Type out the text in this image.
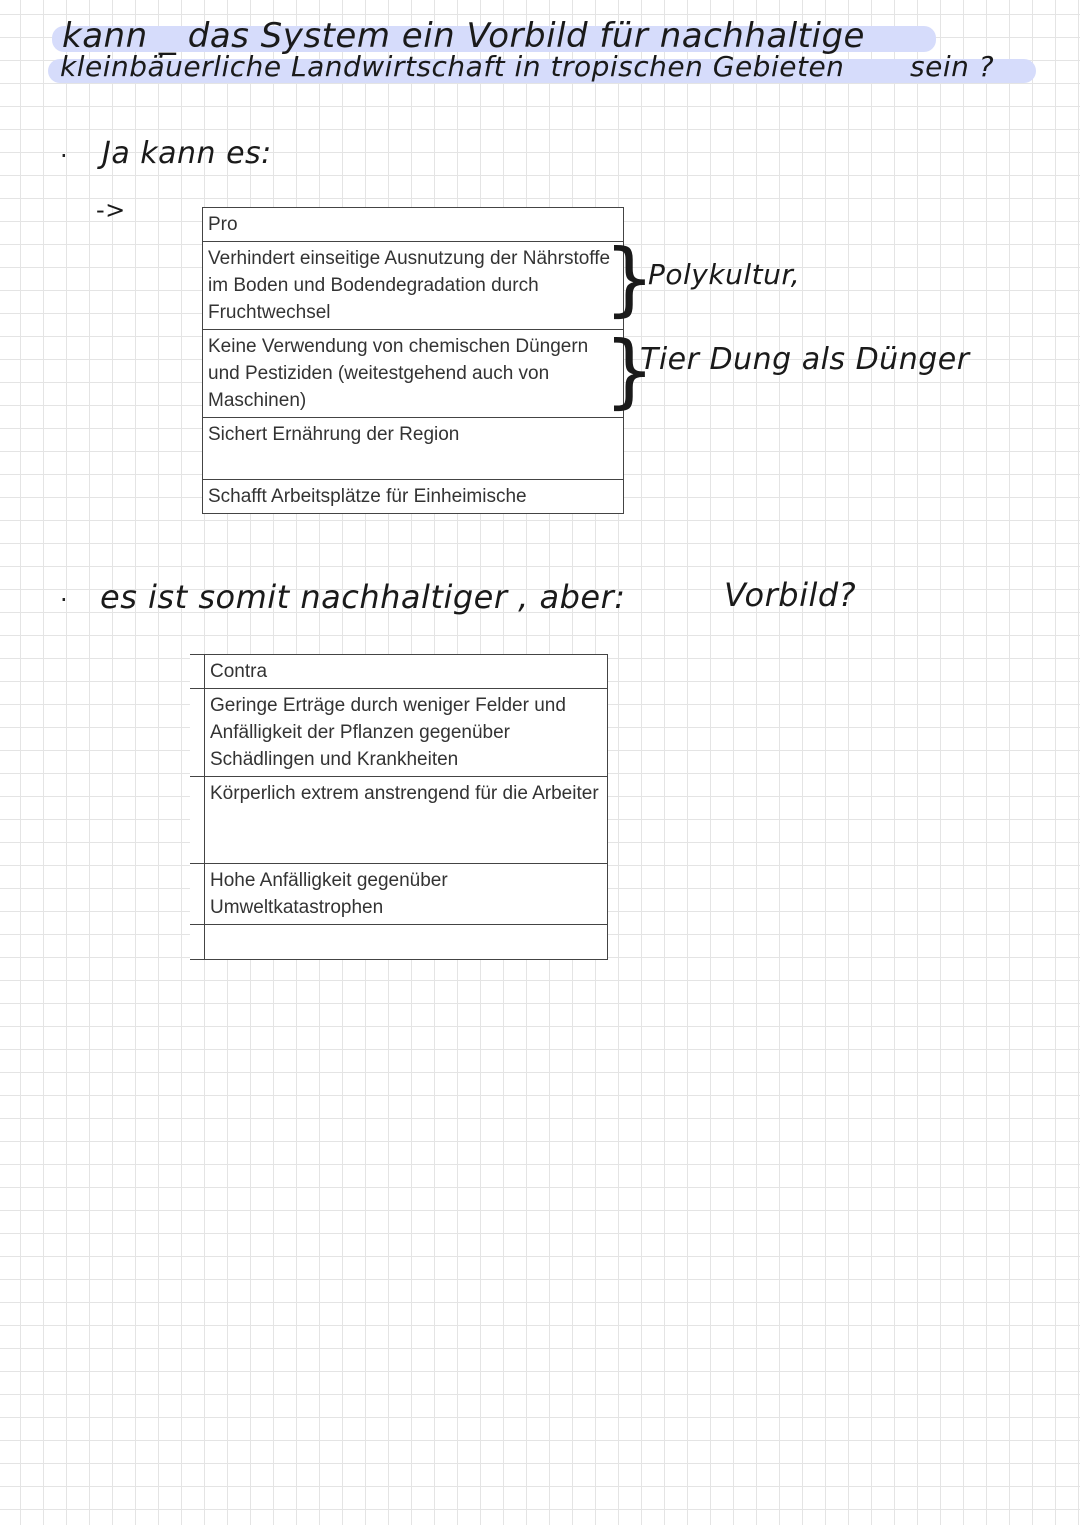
kann _ das System ein Vorbild für nachhaltige
kleinbäuerliche Landwirtschaft in tropischen Gebieten sein ?
· Ja kann es:
->
Pro
Verhindert einseitige Ausnutzung der Nährstoffe im Boden und Bodendegradation durch Fruchtwechsel
Keine Verwendung von chemischen Düngern und Pestiziden (weitestgehend auch von Maschinen)
Sichert Ernährung der Region
Schafft Arbeitsplätze für Einheimische
}
}
Polykultur,
Tier Dung als Dünger
· es ist somit nachhaltiger , aber:	Vorbild?
	Contra
	Geringe Erträge durch weniger Felder und Anfälligkeit der Pflanzen gegenüber Schädlingen und Krankheiten
	Körperlich extrem anstrengend für die Arbeiter
	Hohe Anfälligkeit gegenüber Umweltkatastrophen
